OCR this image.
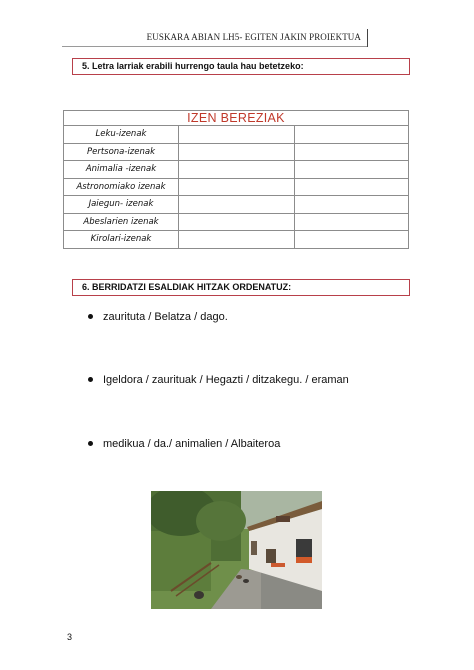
EUSKARA ABIAN LH5- EGITEN JAKIN PROIEKTUA
5. Letra larriak erabili hurrengo taula hau betetzeko:
IZEN BEREZIAK		
Leku-izenak		
Pertsona-izenak		
Animalia -izenak		
Astronomiako izenak		
Jaiegun- izenak		
Abeslarien izenak		
Kirolari-izenak		
6. BERRIDATZI ESALDIAK HITZAK ORDENATUZ:
zaurituta / Belatza / dago.
Igeldora / zaurituak / Hegazti / ditzakegu. / eraman
medikua / da./ animalien / Albaiteroa
3
